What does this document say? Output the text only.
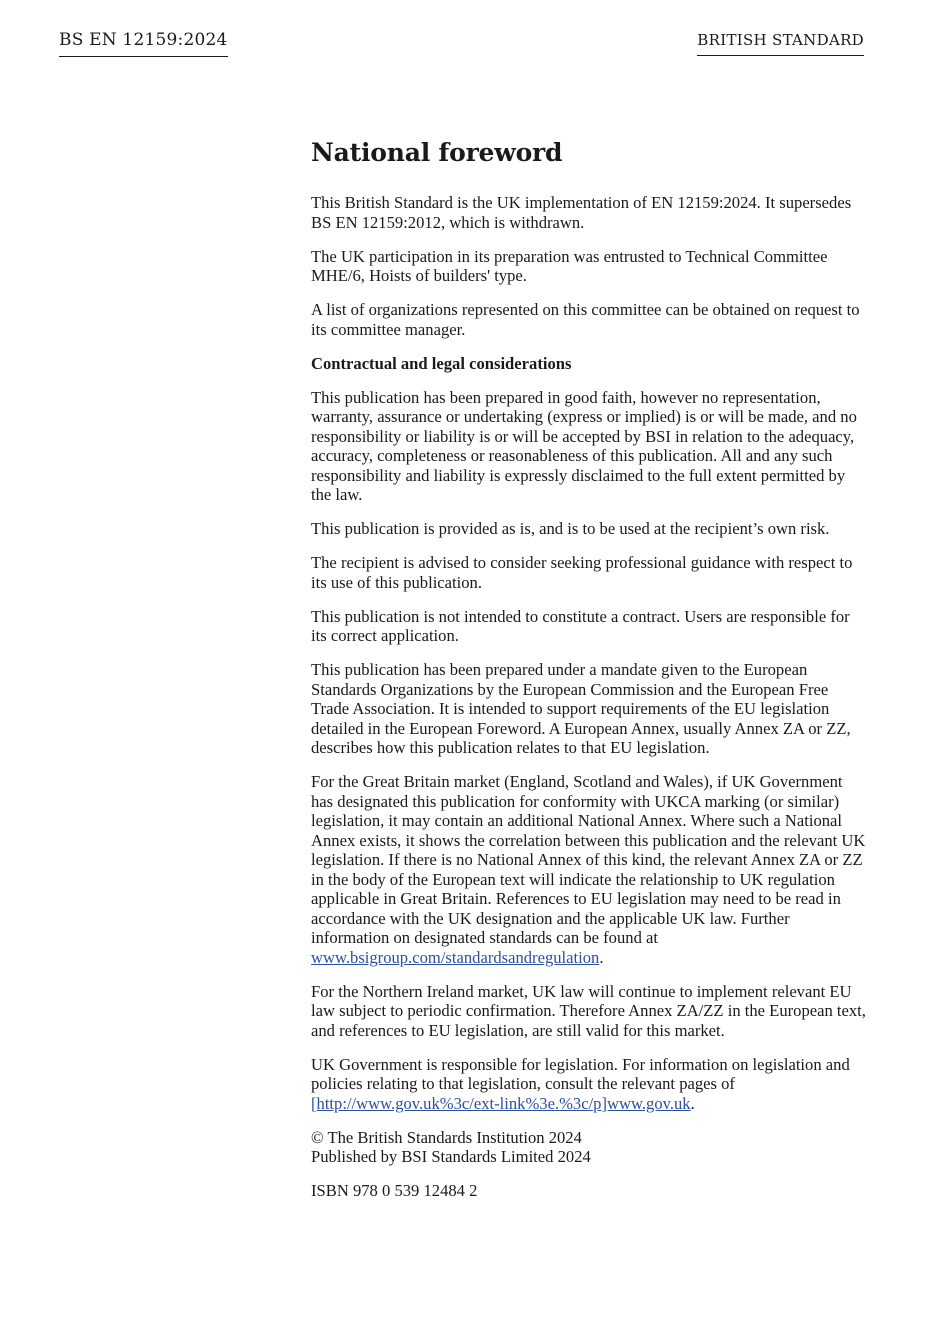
BS EN 12159:2024	BRITISH STANDARD
National foreword

This British Standard is the UK implementation of EN 12159:2024. It supersedes BS EN 12159:2012, which is withdrawn.

The UK participation in its preparation was entrusted to Technical Committee MHE/6, Hoists of builders' type.

A list of organizations represented on this committee can be obtained on request to its committee manager.

Contractual and legal considerations

This publication has been prepared in good faith, however no representation, warranty, assurance or undertaking (express or implied) is or will be made, and no responsibility or liability is or will be accepted by BSI in relation to the adequacy, accuracy, completeness or reasonableness of this publication. All and any such responsibility and liability is expressly disclaimed to the full extent permitted by the law.

This publication is provided as is, and is to be used at the recipient’s own risk.

The recipient is advised to consider seeking professional guidance with respect to its use of this publication.

This publication is not intended to constitute a contract. Users are responsible for its correct application.

This publication has been prepared under a mandate given to the European Standards Organizations by the European Commission and the European Free Trade Association. It is intended to support requirements of the EU legislation detailed in the European Foreword. A European Annex, usually Annex ZA or ZZ, describes how this publication relates to that EU legislation.

For the Great Britain market (England, Scotland and Wales), if UK Government has designated this publication for conformity with UKCA marking (or similar) legislation, it may contain an additional National Annex. Where such a National Annex exists, it shows the correlation between this publication and the relevant UK legislation. If there is no National Annex of this kind, the relevant Annex ZA or ZZ in the body of the European text will indicate the relationship to UK regulation applicable in Great Britain. References to EU legislation may need to be read in accordance with the UK designation and the applicable UK law. Further information on designated standards can be found at www.bsigroup.com/standardsandregulation.

For the Northern Ireland market, UK law will continue to implement relevant EU law subject to periodic confirmation. Therefore Annex ZA/ZZ in the European text, and references to EU legislation, are still valid for this market.

UK Government is responsible for legislation. For information on legislation and policies relating to that legislation, consult the relevant pages of [http://www.gov.uk%3c/ext-link%3e.%3c/p]www.gov.uk.

© The British Standards Institution 2024
Published by BSI Standards Limited 2024

ISBN 978 0 539 12484 2
